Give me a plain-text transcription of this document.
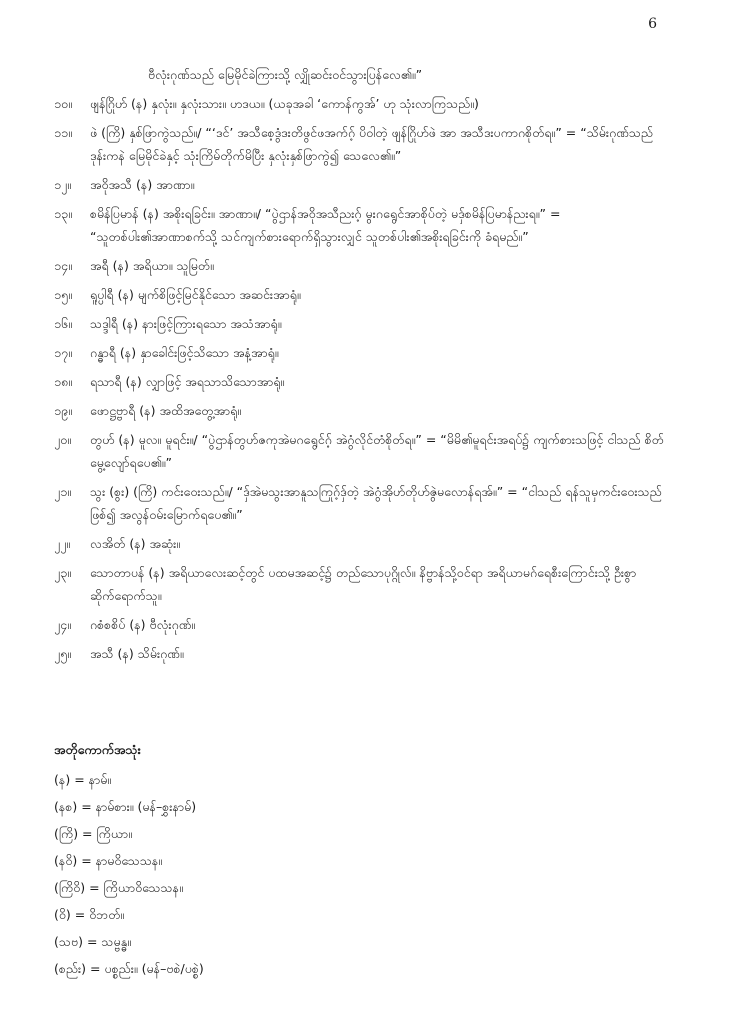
6
ဗီလုံးဂုဏ်သည် မြေမိုင်ခဲကြားသို့ လျှိုဆင်းဝင်သွားပြန်လေ၏။”
၁၀။	ဖျန်ဂြိုဟ် (န) နှလုံး။ နှလုံးသား။ ဟဒယ။ (ယခုအခါ ‘ကောန်ကွအ်’ ဟု သုံးလာကြသည်။)
၁၁။	ဖဲ (ကြိ) နှစ်ဖြာကွဲသည်။/ “‘ဒင်’ အသီစေ့ဒွံဒးတိဖွင်ဖအက်ဂ့် ပိဝါတဲ့ ဖျန်ဂြိုဟ်ဖဲ အာ အသီဒးပကာဂစိုတ်ရ။” = “သိမ်းဂုဏ်သည် ဒုန်းကနဲ မြေမိုင်ခဲနှင့် သုံးကြိမ်တိုက်မိပြီး နှလုံးနှစ်ဖြာကွဲ၍ သေလေ၏။”
၁၂။	အဝိုအသီ (န) အာဏာ။
၁၃။	စမိန်ပြမာန် (န) အစိုးရခြင်း။ အာဏာ။/ “ပွဲဌာန်အဝိုအသီညးဂ့် မွးဂရွေင်အာစိုပ်တဲ့ မဒှ်စမိန်ပြမာန်ညးရ။” = “သူတစ်ပါး၏အာဏာစက်သို့ သင်ကျက်စားရောက်ရှိသွားလျှင် သူတစ်ပါး၏အစိုးရခြင်းကို ခံရမည်။”
၁၄။	အရီ (န) အရိယာ။ သူမြတ်။
၁၅။	ရူပ္ပါရီ (န) မျက်စိဖြင့်မြင်နိုင်သော အဆင်းအာရုံ။
၁၆။	သဒ္ဒါရီ (န) နားဖြင့်ကြားရသော အသံအာရုံ။
၁၇။	ဂန္ဓာရီ (န) နှာခေါင်းဖြင့်သိသော အနံ့အာရုံ။
၁၈။	ရသာရီ (န) လျှာဖြင့် အရသာသိသောအာရုံ။
၁၉။	ဖောဋ္ဌဗ္ဗာရီ (န) အထိအတွေ့အာရုံ။
၂၀။	တွဟ် (န) မူလ။ မူရင်း။/ “ပွဲဌာန်တွဟ်ဇကုအဲမဂရွေင်ဂ့် အဲဂွံလိုင်တံစိုတ်ရ။” = “မိမိ၏မူရင်းအရပ်၌ ကျက်စားသဖြင့် ငါသည် စိတ်မွေ့လျော်ရပေ၏။”
၂၁။	သွး (စွး) (ကြိ) ကင်းဝေးသည်။/ “ဒှ်အဲမသွးအာနူသကြုဂ့်ဒှ်တဲ့ အဲဂွံအိုဟ်တိုဟ်ဇွဲမလောန်ရအ်။” = “ငါသည် ရန်သူမှကင်းဝေးသည်ဖြစ်၍ အလွန်ဝမ်းမြောက်ရပေ၏။”
၂၂။	လအိတ် (န) အဆုံး။
၂၃။	သောတာပန် (န) အရိယာလေးဆင့်တွင် ပထမအဆင့်၌ တည်သောပုဂ္ဂိုလ်။ နိဗ္ဗာန်သို့ဝင်ရာ အရိယာမဂ်ရေစီးကြောင်းသို့ ဦးစွာဆိုက်ရောက်သူ။
၂၄။	ဂစံစစိပ် (န) ဗီလုံးဂုဏ်။
၂၅။	အသီ (န) သိမ်းဂုဏ်။
အတိုကောက်အသုံး
(န) = နာမ်။
(နစ) = နာမ်စား။ (မန်–စွှးနာမ်)
(ကြိ) = ကြိယာ။
(နဝိ) = နာမဝိသေသန။
(ကြိဝိ) = ကြိယာဝိသေသန။
(ဝိ) = ဝိဘတ်။
(သဗ) = သမ္ဗန္ဓ။
(စည်း) = ပစ္စည်း။ (မန်–ဗစဲ/ပစ္စဲ)
